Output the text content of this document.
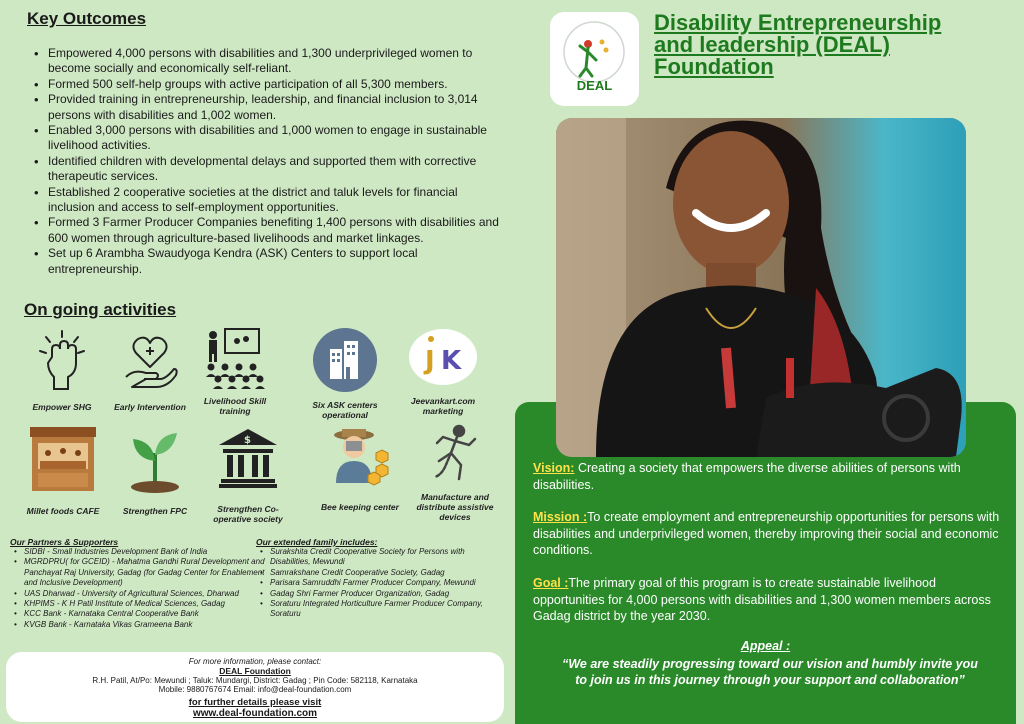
Key Outcomes
• Empowered 4,000 persons with disabilities and 1,300 underprivileged women to become socially and economically self-reliant.
• Formed 500 self-help groups with active participation of all 5,300 members.
• Provided training in entrepreneurship, leadership, and financial inclusion to 3,014 persons with disabilities and 1,002 women.
• Enabled 3,000 persons with disabilities and 1,000 women to engage in sustainable livelihood activities.
• Identified children with developmental delays and supported them with corrective therapeutic services.
• Established 2 cooperative societies at the district and taluk levels for financial inclusion and access to self-employment opportunities.
• Formed 3 Farmer Producer Companies benefiting 1,400 persons with disabilities and 600 women through agriculture-based livelihoods and market linkages.
• Set up 6 Arambha Swaudyoga Kendra (ASK) Centers to support local entrepreneurship.
On going activities
Empower SHG	Early Intervention
Livelihood Skill training
Six ASK centers operational
J K
Jeevankart.com marketing
Millet foods CAFE	Strengthen FPC
$
Strengthen Co-operative society
Bee keeping center
Manufacture and distribute assistive devices
Our Partners & Supporters
• SIDBI - Small Industries Development Bank of India
• MGRDPRU( for GCEID) - Mahatma Gandhi Rural Development and Panchayat Raj University, Gadag (for Gadag Center for Enablement and Inclusive Development)
• UAS Dharwad - University of Agricultural Sciences, Dharwad
• KHPIMS - K H Patil Institute of Medical Sciences, Gadag
• KCC Bank - Karnataka Central Cooperative Bank
• KVGB Bank - Karnataka Vikas Grameena Bank
Our extended family includes:
• Surakshita Credit Cooperative Society for Persons with Disabilities, Mewundi
• Samrakshane Credit Cooperative Society, Gadag
• Parisara Samruddhi Farmer Producer Company, Mewundi
• Gadag Shri Farmer Producer Organization, Gadag
• Soraturu Integrated Horticulture Farmer Producer Company, Soraturu
For more information, please contact:
DEAL Foundation
R.H. Patil, At/Po: Mewundi ; Taluk: Mundargi, District: Gadag ; Pin Code: 582118, Karnataka
Mobile: 9880767674 Email: info@deal-foundation.com
for further details please visit
www.deal-foundation.com
DEAL
Disability Entrepreneurship and leadership (DEAL) Foundation
Vision: Creating a society that empowers the diverse abilities of persons with disabilities.
Mission :To create employment and entrepreneurship opportunities for persons with disabilities and underprivileged women, thereby improving their social and economic conditions.
Goal :The primary goal of this program is to create sustainable livelihood opportunities for 4,000 persons with disabilities and 1,300 women members across Gadag district by the year 2030.
Appeal :
“We are steadily progressing toward our vision and humbly invite you to join us in this journey through your support and collaboration”
